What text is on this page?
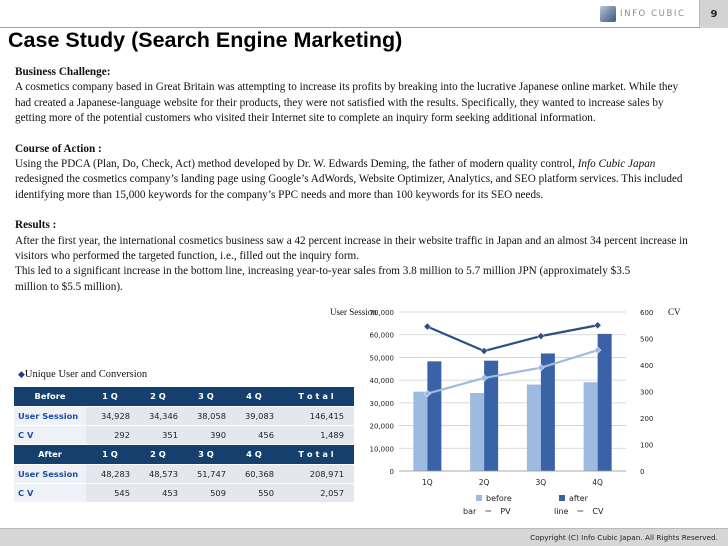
INFO CUBIC	9
Case Study (Search Engine Marketing)

Business Challenge:

A cosmetics company based in Great Britain was attempting to increase its profits by breaking into the lucrative Japanese online market. While they had created a Japanese-language website for their products, they were not satisfied with the results. Specifically, they wanted to increase sales by getting more of the potential customers who visited their Internet site to complete an inquiry form seeking additional information.

Course of Action :

Using the PDCA (Plan, Do, Check, Act) method developed by Dr. W. Edwards Deming, the father of modern quality control, Info Cubic Japan redesigned the cosmetics company’s landing page using Google’s AdWords, Website Optimizer, Analytics, and SEO platform services. This included identifying more than 15,000 keywords for the company’s PPC needs and more than 100 keywords for its SEO needs.

Results :

After the first year, the international cosmetics business saw a 42 percent increase in their website traffic in Japan and an almost 34 percent increase in visitors who performed the targeted function, i.e., filled out the inquiry form.

This led to a significant increase in the bottom line, increasing year-to-year sales from 3.8 million to 5.7 million JPN (approximately $3.5 million to $5.5 million).

◆Unique User and Conversion
Before	1 Q	2 Q	3 Q	4 Q	T o t a l
User Session	34,928	34,346	38,058	39,083	146,415
C V	292	351	390	456	1,489
After	1 Q	2 Q	3 Q	4 Q	T o t a l
User Session	48,283	48,573	51,747	60,368	208,971
C V	545	453	509	550	2,057
User Session	CV
0
10,000
20,000
30,000
40,000
50,000
60,000
70,000
0
100
200
300
400
500
600
1Q	2Q	3Q	4Q
before	after
bar　＝　PV	line　＝　CV
Copyright (C) Info Cubic Japan. All Rights Reserved.
